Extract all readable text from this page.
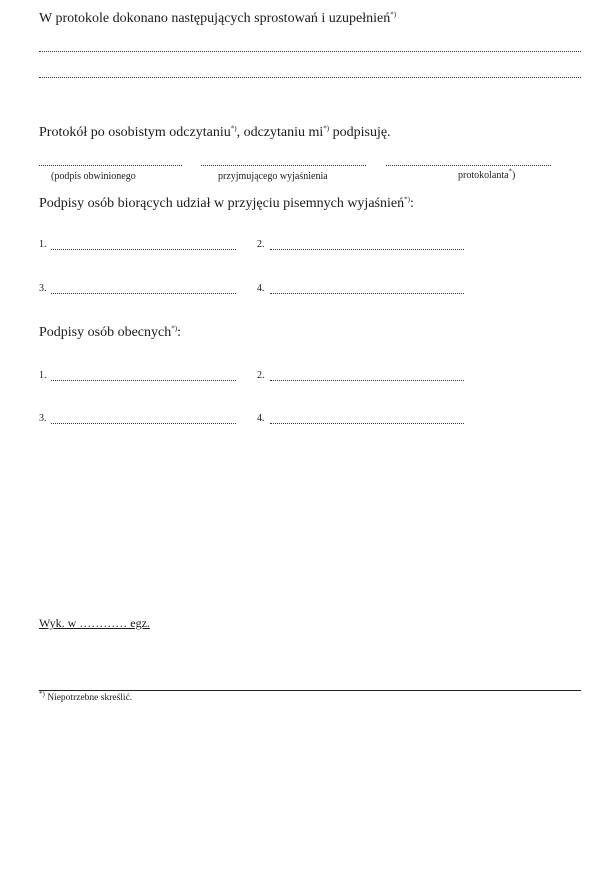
W protokole dokonano następujących sprostowań i uzupełnień*)
Protokół po osobistym odczytaniu*), odczytaniu mi*) podpisuję.
(podpis obwinionego	przyjmującego wyjaśnienia	protokolanta*)
Podpisy osób biorących udział w przyjęciu pisemnych wyjaśnień*):
1.	2.
3.	4.
Podpisy osób obecnych*):
1.	2.
3.	4.
Wyk. w ………… egz.
*) Niepotrzebne skreślić.
